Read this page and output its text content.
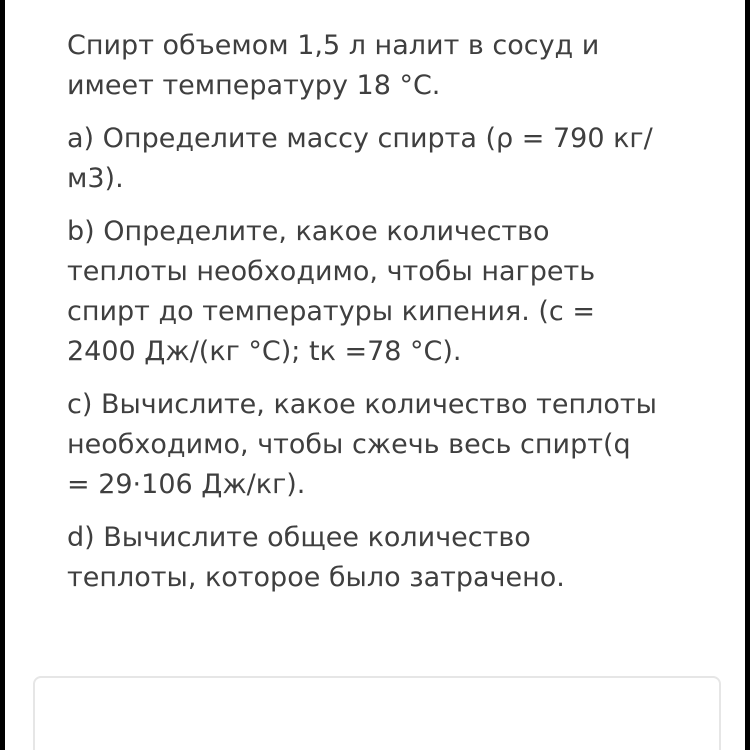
Спирт объемом 1,5 л налит в сосуд и
имеет температуру 18 °C.

а) Определите массу спирта (ρ = 790 кг/
м3).

b) Определите, какое количество
теплоты необходимо, чтобы нагреть
спирт до температуры кипения. (c =
2400 Дж/(кг °C); tк =78 °C).

c) Вычислите, какое количество теплоты
необходимо, чтобы сжечь весь спирт(q
= 29·106 Дж/кг).

d) Вычислите общее количество
теплоты, которое было затрачено.
